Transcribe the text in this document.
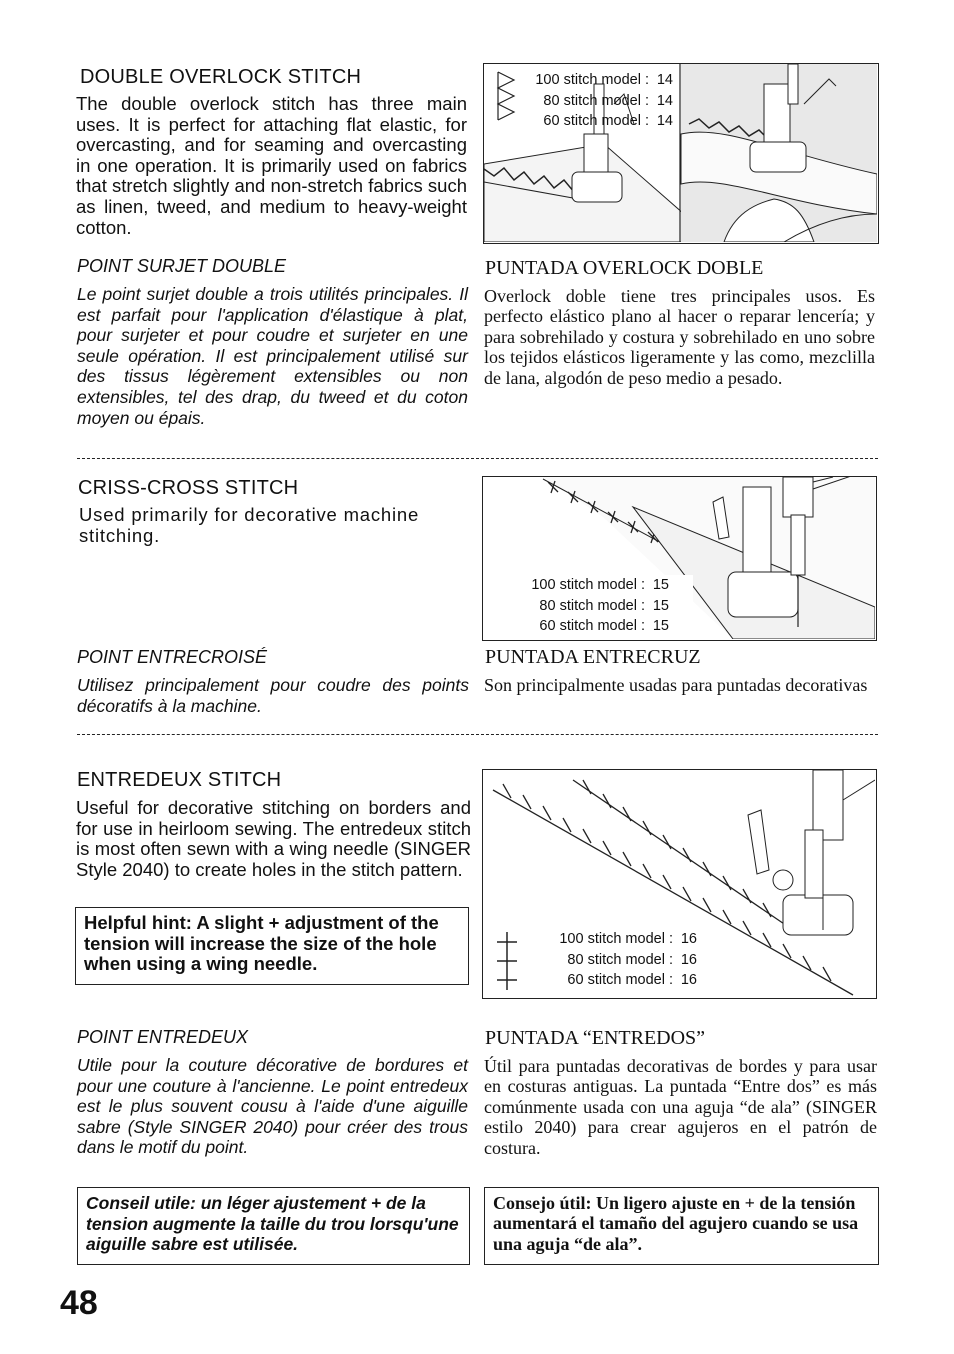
DOUBLE OVERLOCK STITCH
The double overlock stitch has three main uses. It is perfect for attaching flat elastic, for overcasting, and for seaming and overcasting in one operation. It is primarily used on fabrics that stretch slightly and non-stretch fabrics such as linen, tweed, and medium to heavy-weight cotton.
POINT SURJET DOUBLE
Le point surjet double a trois utilités principales. Il est parfait pour l'application d'élastique à plat, pour surjeter et pour coudre et surjeter en une seule opération. Il est principalement utilisé sur des tissus légèrement extensibles ou non extensibles, tel des drap, du tweed et du coton moyen ou épais.
100 stitch model : 14
80 stitch model : 14
60 stitch model : 14
PUNTADA OVERLOCK DOBLE
Overlock doble tiene tres principales usos. Es perfecto elástico plano al hacer o reparar lencería; y para sobrehilado y costura y sobrehilado en uno sobre los tejidos elásticos ligeramente y las como, mezclilla de lana, algodón de peso medio a pesado.
CRISS-CROSS STITCH
Used primarily for decorative machine stitching.
100 stitch model : 15
80 stitch model : 15
60 stitch model : 15
POINT ENTRECROISÉ
Utilisez principalement pour coudre des points décoratifs à la machine.
PUNTADA ENTRECRUZ
Son principalmente usadas para puntadas decorativas
ENTREDEUX STITCH
Useful for decorative stitching on borders and for use in heirloom sewing. The entredeux stitch is most often sewn with a wing needle (SINGER Style 2040) to create holes in the stitch pattern.
Helpful hint: A slight + adjustment of the tension will increase the size of the hole when using a wing needle.
100 stitch model : 16
80 stitch model : 16
60 stitch model : 16
POINT ENTREDEUX
Utile pour la couture décorative de bordures et pour une couture à l'ancienne. Le point entredeux est le plus souvent cousu à l'aide d'une aiguille sabre (Style SINGER 2040) pour créer des trous dans le motif du point.
Conseil utile: un léger ajustement + de la tension augmente la taille du trou lorsqu'une aiguille sabre est utilisée.
PUNTADA “ENTREDOS”
Útil para puntadas decorativas de bordes y para usar en costuras antiguas. La puntada “Entre dos” es más comúnmente usada con una aguja “de ala” (SINGER estilo 2040) para crear agujeros en el patrón de costura.
Consejo útil: Un ligero ajuste en + de la tensión aumentará el tamaño del agujero cuando se usa una aguja “de ala”.
48
